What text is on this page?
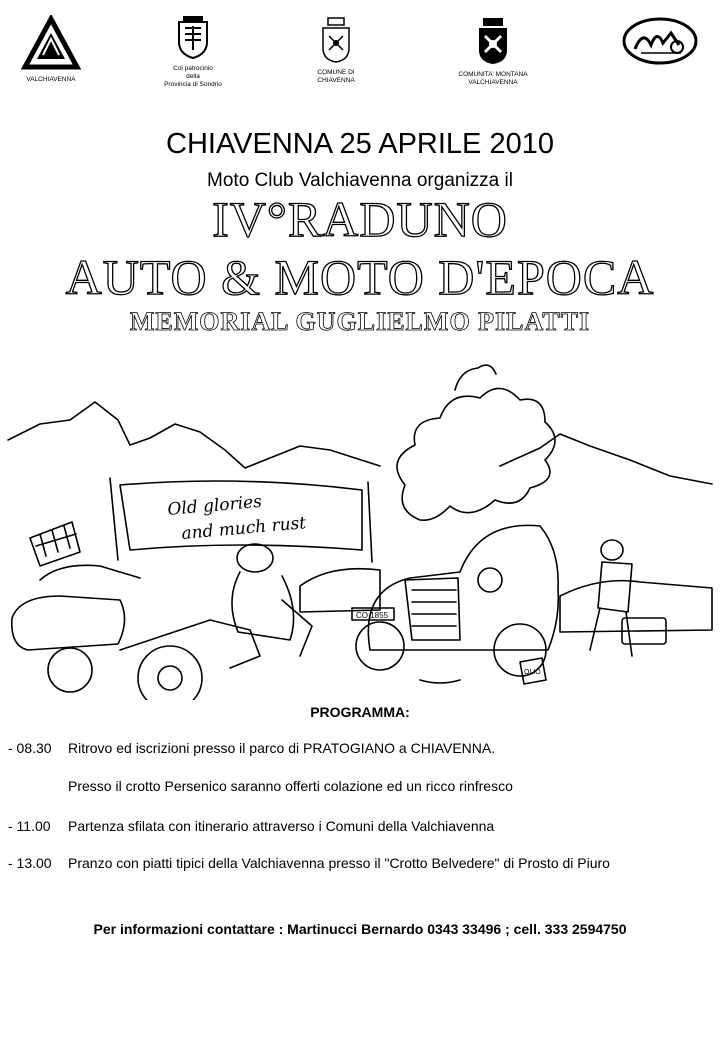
VALCHIAVENNA
Col patrocinio
della
Provincia di Sondrio
COMUNE DI CHIAVENNA
COMUNITA' MONTANA
VALCHIAVENNA
CHIAVENNA 25 APRILE 2010
Moto Club Valchiavenna organizza il
IV°RADUNO
AUTO & MOTO D'EPOCA
MEMORIAL GUGLIELMO PILATTI
Old glories
and much rust
CO 1855
OLIO
PROGRAMMA:
- 08.30 Ritrovo ed iscrizioni presso il parco di PRATOGIANO a CHIAVENNA.
Presso il crotto Persenico saranno offerti colazione ed un ricco rinfresco
- 11.00 Partenza sfilata con itinerario attraverso i Comuni della Valchiavenna
- 13.00 Pranzo con piatti tipici della Valchiavenna presso il "Crotto Belvedere" di Prosto di Piuro
Per informazioni contattare : Martinucci Bernardo 0343 33496 ; cell. 333 2594750
